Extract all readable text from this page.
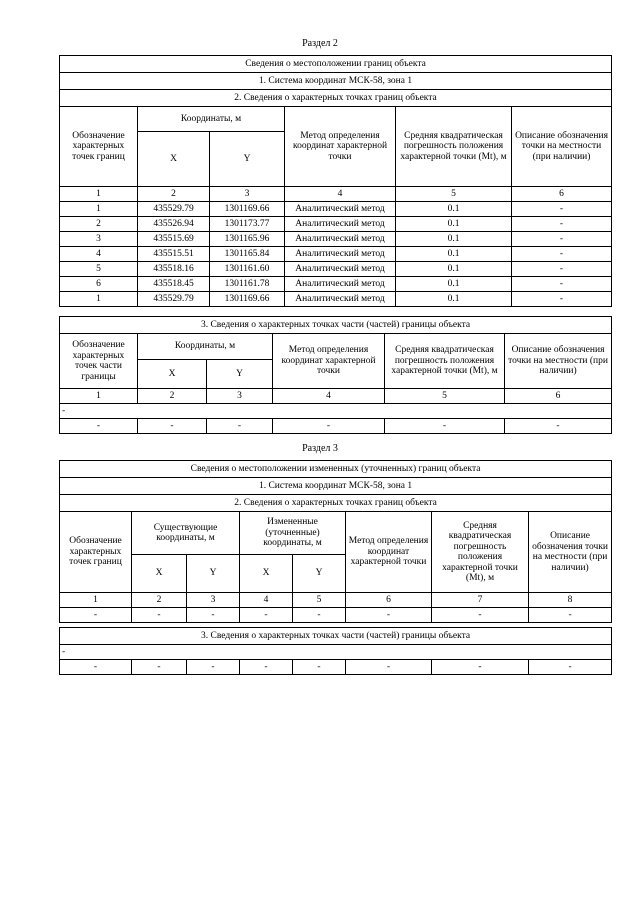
Раздел 2
Сведения о местоположении границ объекта					
1. Система координат МСК-58, зона 1					
2. Сведения о характерных точках границ объекта					
Обозначение характерных точек границ	Координаты, м		Метод определения координат характерной точки	Средняя квадратическая погрешность положения характерной точки (Mt), м	Описание обозначения точки на местности (при наличии)
	X	Y			
1	2	3	4	5	6
1	435529.79	1301169.66	Аналитический метод	0.1	-
2	435526.94	1301173.77	Аналитический метод	0.1	-
3	435515.69	1301165.96	Аналитический метод	0.1	-
4	435515.51	1301165.84	Аналитический метод	0.1	-
5	435518.16	1301161.60	Аналитический метод	0.1	-
6	435518.45	1301161.78	Аналитический метод	0.1	-
1	435529.79	1301169.66	Аналитический метод	0.1	-
3. Сведения о характерных точках части (частей) границы объекта					
Обозначение характерных точек части границы	Координаты, м		Метод определения координат характерной точки	Средняя квадратическая погрешность положения характерной точки (Mt), м	Описание обозначения точки на местности (при наличии)
	X	Y			
1	2	3	4	5	6
-					
-	-	-	-	-	-
Раздел 3
Сведения о местоположении измененных (уточненных) границ объекта							
1. Система координат МСК-58, зона 1							
2. Сведения о характерных точках границ объекта							
Обозначение характерных точек границ	Существующие координаты, м		Измененные (уточненные) координаты, м		Метод определения координат характерной точки	Средняя квадратическая погрешность положения характерной точки (Mt), м	Описание обозначения точки на местности (при наличии)
	X	Y	X	Y			
1	2	3	4	5	6	7	8
-	-	-	-	-	-	-	-

3. Сведения о характерных точках части (частей) границы объекта							
-							
-	-	-	-	-	-	-	-
